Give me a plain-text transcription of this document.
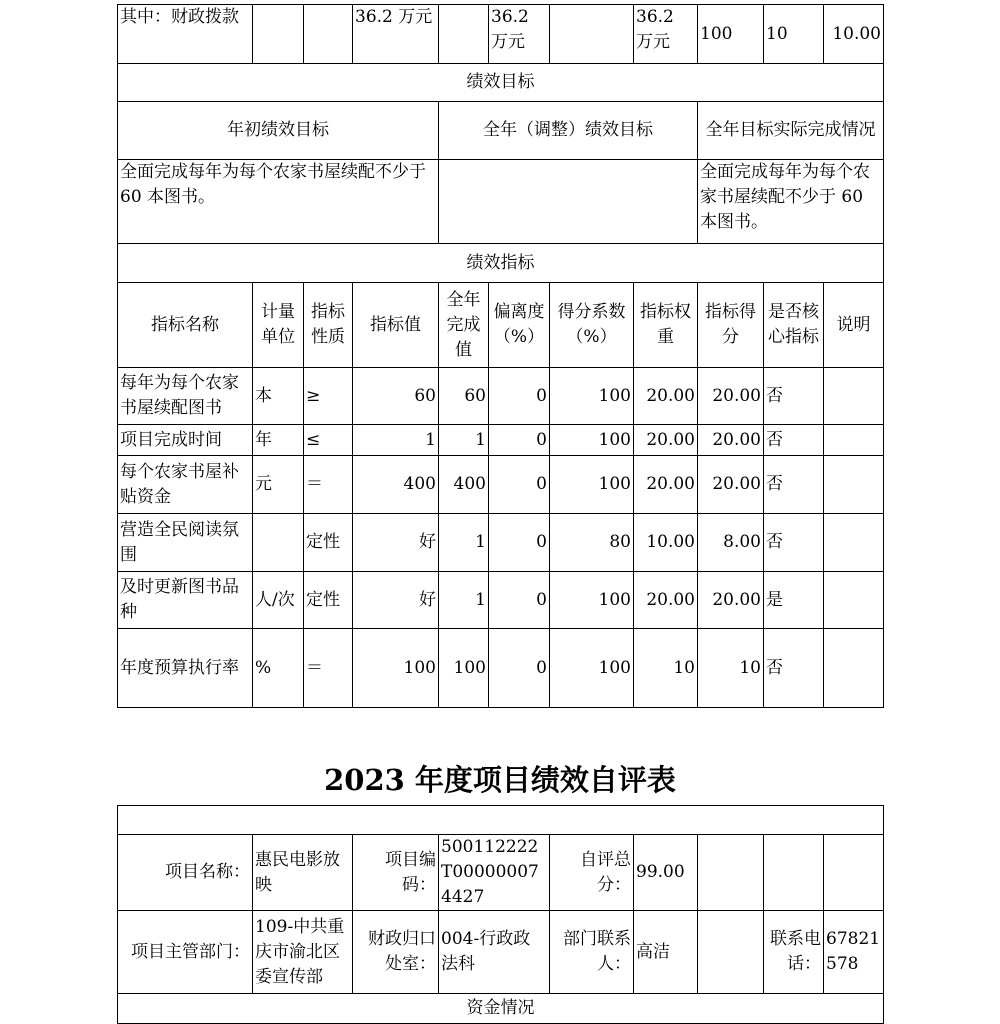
其中：财政拨款			36.2 万元		36.2 万元		36.2 万元	100	10	10.00
绩效目标										
年初绩效目标				全年（调整）绩效目标				全年目标实际完成情况		
全面完成每年为每个农家书屋续配不少于 60 本图书。								全面完成每年为每个农家书屋续配不少于 60 本图书。		
绩效指标										
指标名称	计量单位	指标性质	指标值	全年完成值	偏离度（%）	得分系数（%）	指标权重	指标得分	是否核心指标	说明
每年为每个农家书屋续配图书	本	≥	60	60	0	100	20.00	20.00	否	
项目完成时间	年	≤	1	1	0	100	20.00	20.00	否	
每个农家书屋补贴资金	元	＝	400	400	0	100	20.00	20.00	否	
营造全民阅读氛围		定性	好	1	0	80	10.00	8.00	否	
及时更新图书品种	人/次	定性	好	1	0	100	20.00	20.00	是	
年度预算执行率	%	＝	100	100	0	100	10	10	否	
2023 年度项目绩效自评表

项目名称：	惠民电影放映	项目编码：	500112222T000000074427	自评总分：	99.00			
项目主管部门：	109-中共重庆市渝北区委宣传部	财政归口处室：	004-行政政法科	部门联系人：	高洁		联系电话：	67821578
资金情况								
